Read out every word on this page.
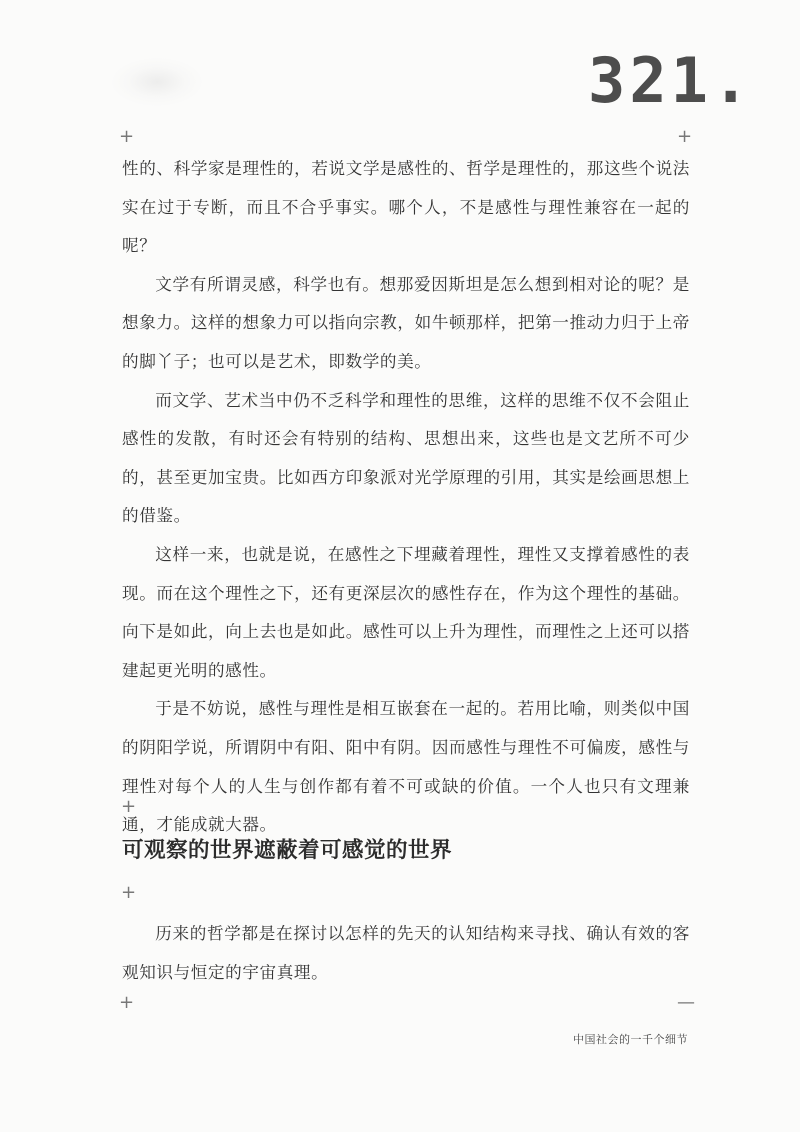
321.
+	+

性的、科学家是理性的，若说文学是感性的、哲学是理性的，那这些个说法实在过于专断，而且不合乎事实。哪个人，不是感性与理性兼容在一起的呢？

文学有所谓灵感，科学也有。想那爱因斯坦是怎么想到相对论的呢？是想象力。这样的想象力可以指向宗教，如牛顿那样，把第一推动力归于上帝的脚丫子；也可以是艺术，即数学的美。

而文学、艺术当中仍不乏科学和理性的思维，这样的思维不仅不会阻止感性的发散，有时还会有特别的结构、思想出来，这些也是文艺所不可少的，甚至更加宝贵。比如西方印象派对光学原理的引用，其实是绘画思想上的借鉴。

这样一来，也就是说，在感性之下埋藏着理性，理性又支撑着感性的表现。而在这个理性之下，还有更深层次的感性存在，作为这个理性的基础。向下是如此，向上去也是如此。感性可以上升为理性，而理性之上还可以搭建起更光明的感性。

于是不妨说，感性与理性是相互嵌套在一起的。若用比喻，则类似中国的阴阳学说，所谓阴中有阳、阳中有阴。因而感性与理性不可偏废，感性与理性对每个人的人生与创作都有着不可或缺的价值。一个人也只有文理兼通，才能成就大器。

+
可观察的世界遮蔽着可感觉的世界
+

历来的哲学都是在探讨以怎样的先天的认知结构来寻找、确认有效的客观知识与恒定的宇宙真理。

+	—
中国社会的一千个细节
